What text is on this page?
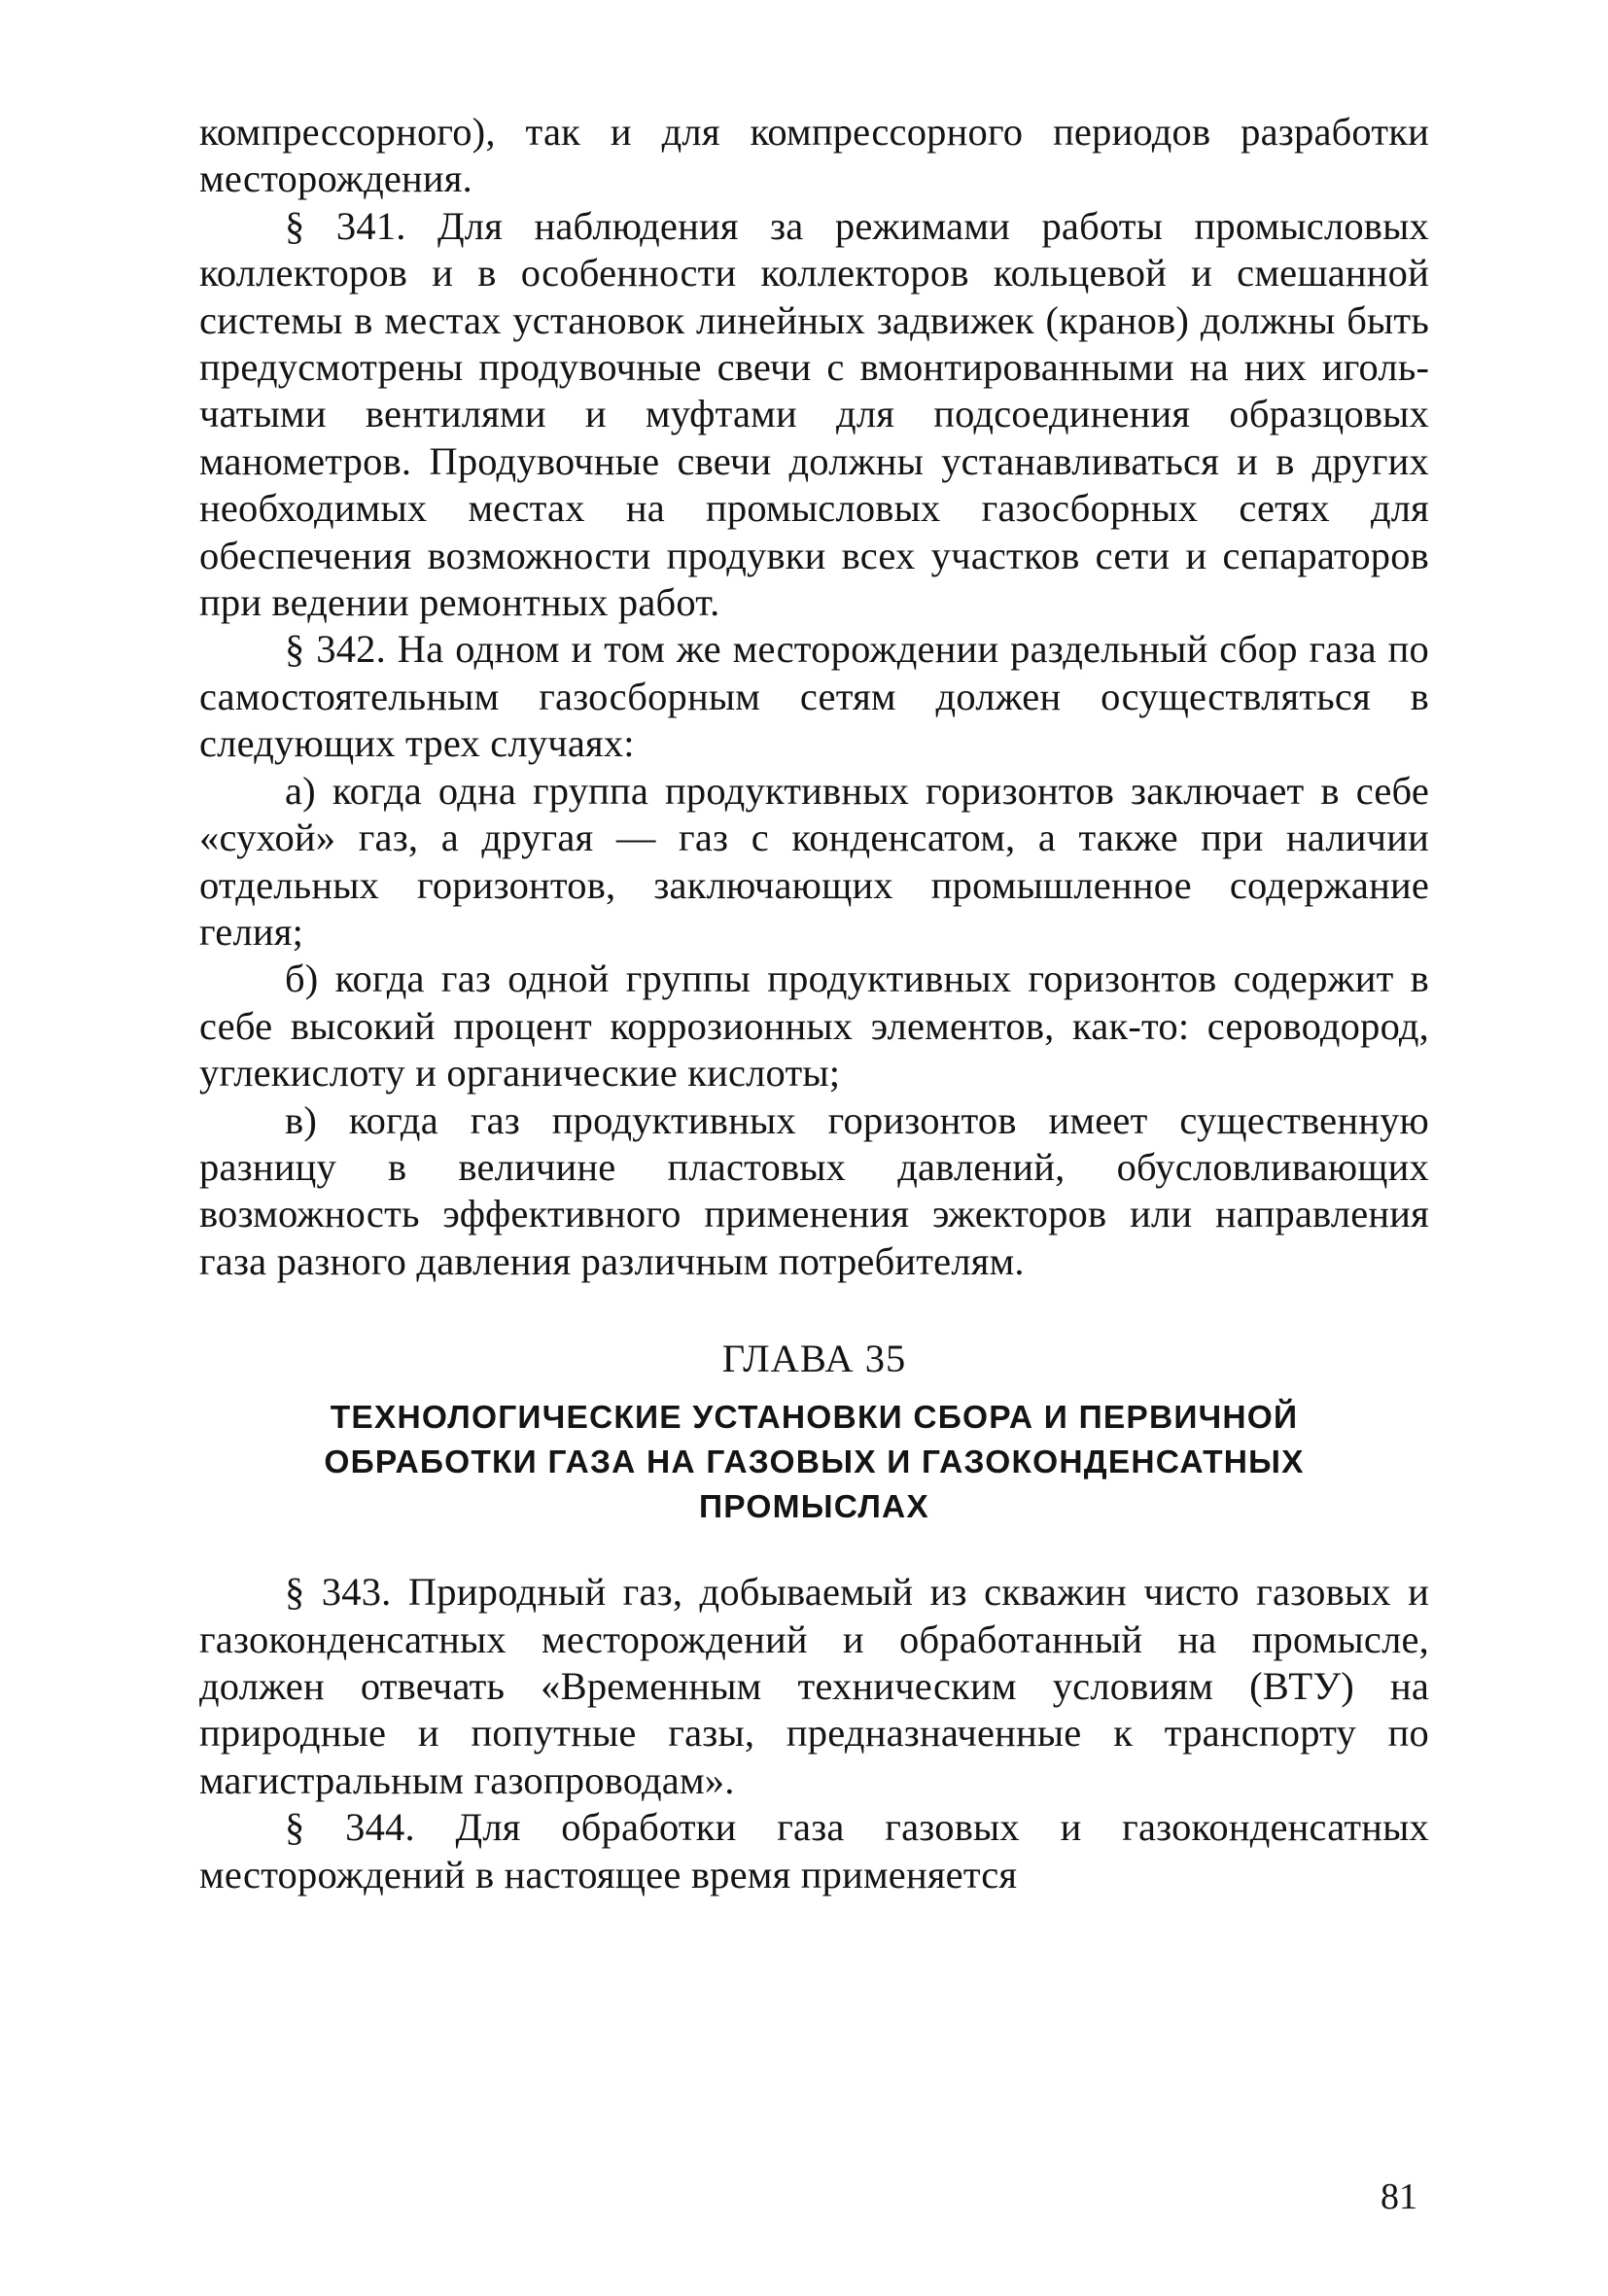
компрессорного), так и для компрессорного периодов разработки месторождения.

§ 341. Для наблюдения за режимами работы промысловых коллекторов и в особенности коллекторов кольцевой и смешанной системы в местах установок линейных задвижек (кранов) должны быть предусмотрены продувочные свечи с вмонтированными на них игольчатыми вентилями и муфтами для подсоединения образцовых манометров. Продувочные свечи должны устанавливаться и в других необходимых местах на промысловых газосборных сетях для обеспечения возможности продувки всех участков сети и сепараторов при ведении ремонтных работ.

§ 342. На одном и том же месторождении раздельный сбор газа по самостоятельным газосборным сетям должен осуществляться в следующих трех случаях:

а) когда одна группа продуктивных горизонтов заключает в себе «сухой» газ, а другая — газ с конденсатом, а также при наличии отдельных горизонтов, заключающих промышленное содержание гелия;

б) когда газ одной группы продуктивных горизонтов содержит в себе высокий процент коррозионных элементов, как-то: сероводород, углекислоту и органические кислоты;

в) когда газ продуктивных горизонтов имеет существенную разницу в величине пластовых давлений, обусловливающих возможность эффективного применения эжекторов или направления газа разного давления различным потребителям.

ГЛАВА 35
ТЕХНОЛОГИЧЕСКИЕ УСТАНОВКИ СБОРА И ПЕРВИЧНОЙ ОБРАБОТКИ ГАЗА НА ГАЗОВЫХ И ГАЗОКОНДЕНСАТНЫХ ПРОМЫСЛАХ

§ 343. Природный газ, добываемый из скважин чисто газовых и газоконденсатных месторождений и обработанный на промысле, должен отвечать «Временным техническим условиям (ВТУ) на природные и попутные газы, предназначенные к транспорту по магистральным газопроводам».

§ 344. Для обработки газа газовых и газоконденсатных месторождений в настоящее время применяется

81
